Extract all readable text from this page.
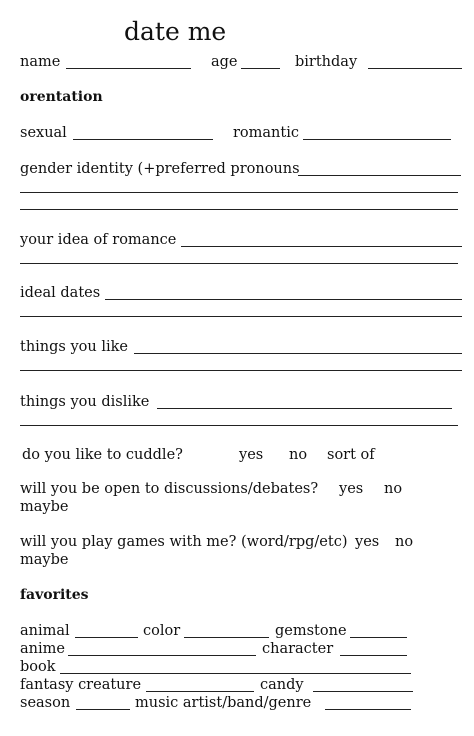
date me
name	age	birthday
orentation
sexual	romantic
gender identity (+preferred pronouns
your idea of romance
ideal dates
things you like
things you dislike
do you like to cuddle?	yes no sort of
will you be open to discussions/debates? yes no
maybe
will you play games with me? (word/rpg/etc) yes no
maybe
favorites
animal	color	gemstone
anime	character
book
fantasy creature	candy
season	music artist/band/genre
